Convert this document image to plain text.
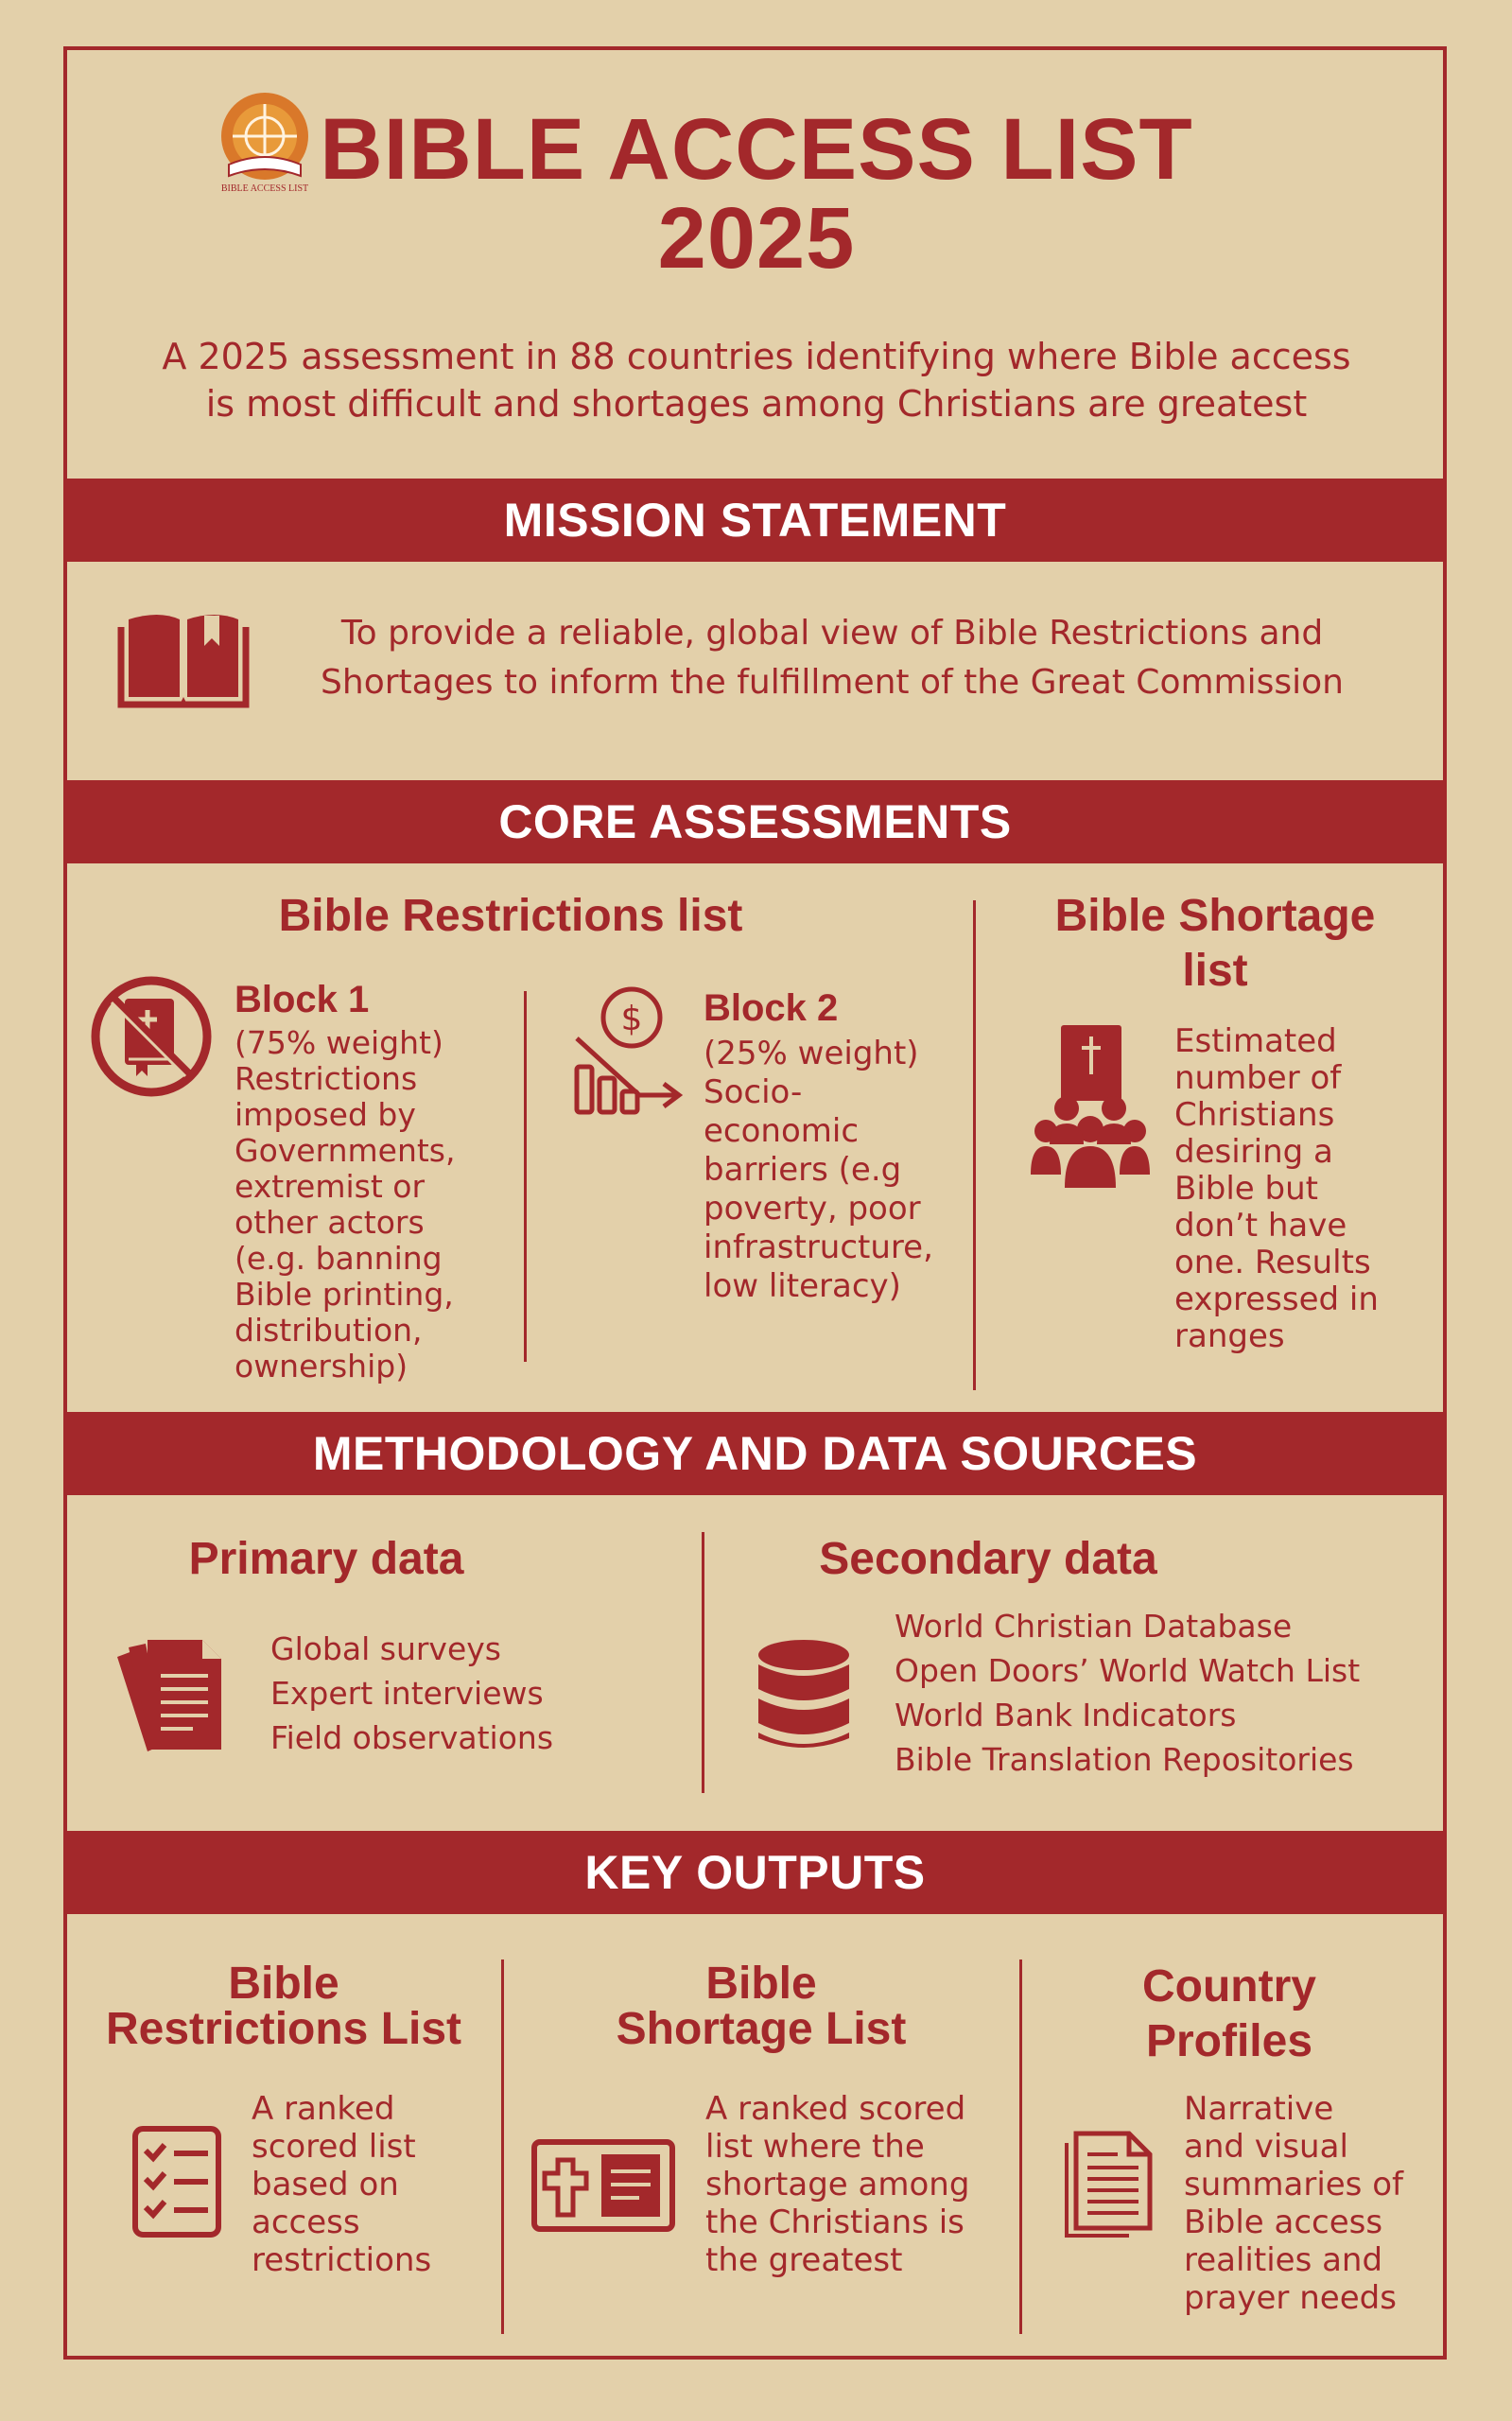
BIBLE ACCESS LIST BIBLE ACCESS LIST
2025
A 2025 assessment in 88 countries identifying where Bible access
is most difficult and shortages among Christians are greatest
MISSION STATEMENT
To provide a reliable, global view of Bible Restrictions and
Shortages to inform the fulfillment of the Great Commission
CORE ASSESSMENTS
Bible Restrictions list
Block 1
(75% weight)
Restrictions
imposed by
Governments,
extremist or
other actors
(e.g. banning
Bible printing,
distribution,
ownership)
$ Block 2
(25% weight)
Socio-
economic
barriers (e.g
poverty, poor
infrastructure,
low literacy)
Bible Shortage
list
Estimated
number of
Christians
desiring a
Bible but
don’t have
one. Results
expressed in
ranges
METHODOLOGY AND DATA SOURCES
Primary data
Global surveys
Expert interviews
Field observations
Secondary data
World Christian Database
Open Doors’ World Watch List
World Bank Indicators
Bible Translation Repositories
KEY OUTPUTS
Bible
Restrictions List
A ranked
scored list
based on
access
restrictions
Bible
Shortage List
A ranked scored
list where the
shortage among
the Christians is
the greatest
Country
Profiles
Narrative
and visual
summaries of
Bible access
realities and
prayer needs
